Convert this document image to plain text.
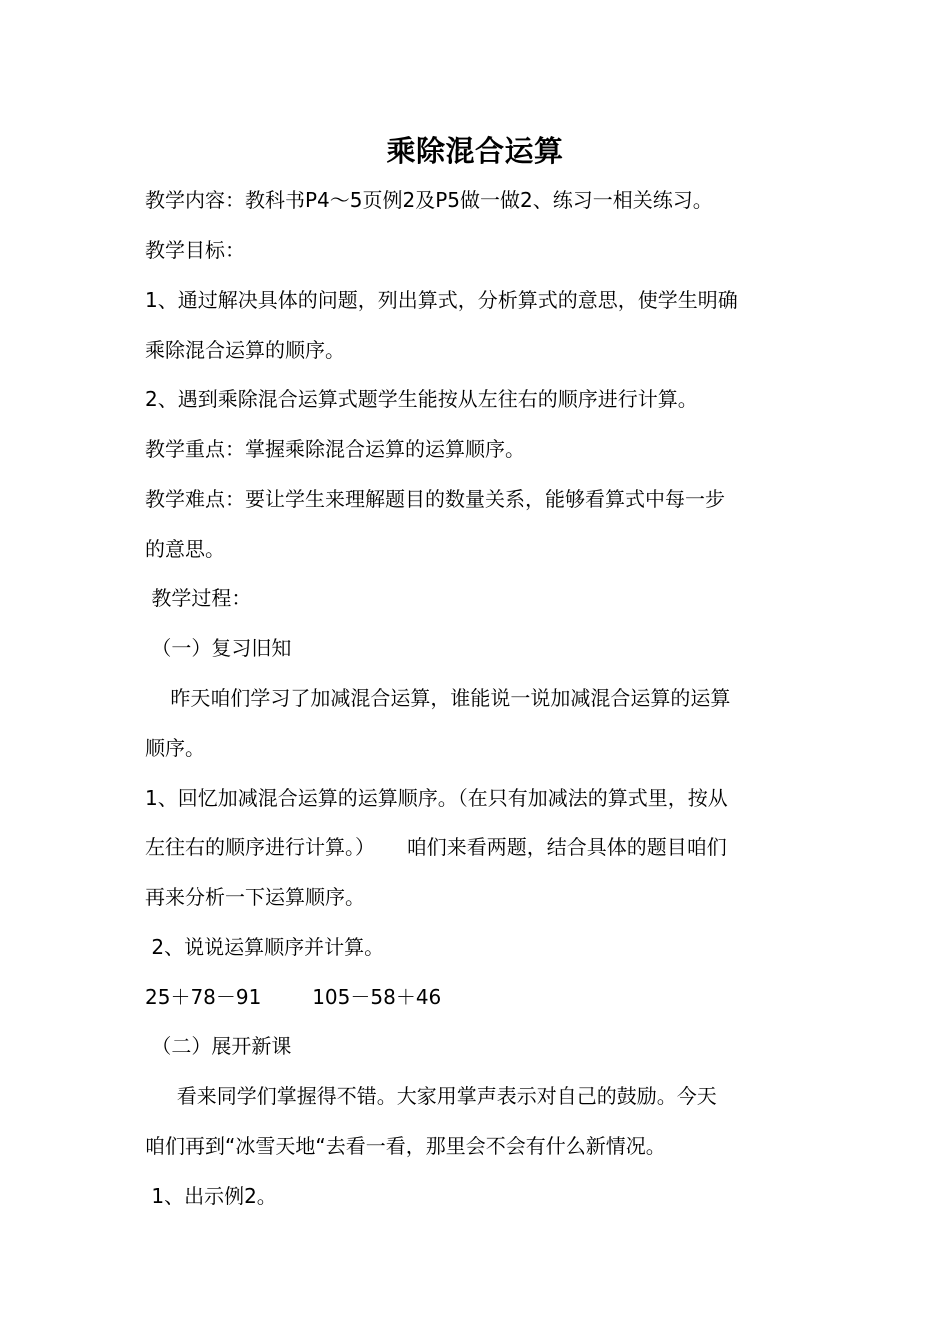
乘除混合运算
教学内容：教科书P4～5页例2及P5做一做2、练习一相关练习。
教学目标：
1、通过解决具体的问题，列出算式，分析算式的意思，使学生明确
乘除混合运算的顺序。
2、遇到乘除混合运算式题学生能按从左往右的顺序进行计算。
教学重点：掌握乘除混合运算的运算顺序。
教学难点：要让学生来理解题目的数量关系，能够看算式中每一步
的意思。
教学过程：
（一）复习旧知
昨天咱们学习了加减混合运算，谁能说一说加减混合运算的运算
顺序。
1、回忆加减混合运算的运算顺序。（在只有加减法的算式里，按从
左往右的顺序进行计算。）     咱们来看两题，结合具体的题目咱们
再来分析一下运算顺序。
2、说说运算顺序并计算。
25＋78－91        105－58＋46
（二）展开新课
看来同学们掌握得不错。大家用掌声表示对自己的鼓励。今天
咱们再到“冰雪天地“去看一看，那里会不会有什么新情况。
1、出示例2。
